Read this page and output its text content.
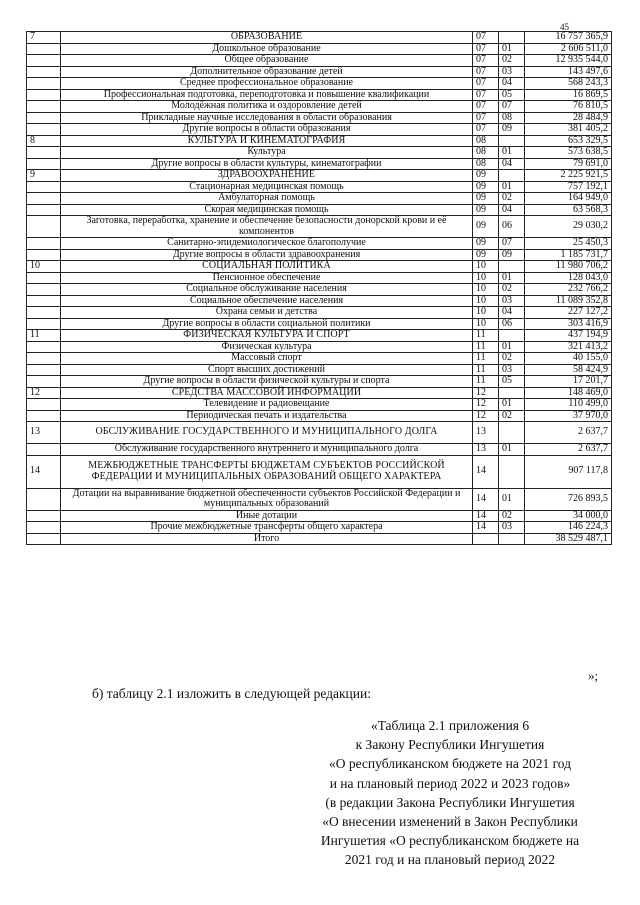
45
7	ОБРАЗОВАНИЕ	07		16 757 365,9
	Дошкольное образование	07	01	2 606 511,0
	Общее образование	07	02	12 935 544,0
	Дополнительное образование детей	07	03	143 497,6
	Среднее профессиональное образование	07	04	568 243,3
	Профессиональная подготовка, переподготовка и повышение квалификации	07	05	16 869,5
	Молодёжная политика и оздоровление детей	07	07	76 810,5
	Прикладные научные исследования в области образования	07	08	28 484,9
	Другие вопросы в области образования	07	09	381 405,2
8	КУЛЬТУРА И КИНЕМАТОГРАФИЯ	08		653 329,5
	Культура	08	01	573 638,5
	Другие вопросы в области культуры, кинематографии	08	04	79 691,0
9	ЗДРАВООХРАНЕНИЕ	09		2 225 921,5
	Стационарная медицинская помощь	09	01	757 192,1
	Амбулаторная помощь	09	02	164 949,0
	Скорая медицинская помощь	09	04	63 568,3
	Заготовка, переработка, хранение и обеспечение безопасности донорской крови и её компонентов	09	06	29 030,2
	Санитарно-эпидемиологическое благополучие	09	07	25 450,3
	Другие вопросы в области здравоохранения	09	09	1 185 731,7
10	СОЦИАЛЬНАЯ ПОЛИТИКА	10		11 980 706,2
	Пенсионное обеспечение	10	01	128 043,0
	Социальное обслуживание населения	10	02	232 766,2
	Социальное обеспечение населения	10	03	11 089 352,8
	Охрана семьи и детства	10	04	227 127,2
	Другие вопросы в области социальной политики	10	06	303 416,9
11	ФИЗИЧЕСКАЯ КУЛЬТУРА И СПОРТ	11		437 194,9
	Физическая культура	11	01	321 413,2
	Массовый спорт	11	02	40 155,0
	Спорт высших достижений	11	03	58 424,9
	Другие вопросы в области физической культуры и спорта	11	05	17 201,7
12	СРЕДСТВА МАССОВОЙ ИНФОРМАЦИИ	12		148 469,0
	Телевидение и радиовещание	12	01	110 499,0
	Периодическая печать и издательства	12	02	37 970,0
13	ОБСЛУЖИВАНИЕ ГОСУДАРСТВЕННОГО И МУНИЦИПАЛЬНОГО ДОЛГА	13		2 637,7
	Обслуживание государственного внутреннего и муниципального долга	13	01	2 637,7
14	МЕЖБЮДЖЕТНЫЕ ТРАНСФЕРТЫ БЮДЖЕТАМ СУБЪЕКТОВ РОССИЙСКОЙ ФЕДЕРАЦИИ И МУНИЦИПАЛЬНЫХ ОБРАЗОВАНИЙ ОБЩЕГО ХАРАКТЕРА	14		907 117,8
	Дотации на выравнивание бюджетной обеспеченности субъектов Российской Федерации и муниципальных образований	14	01	726 893,5
	Иные дотации	14	02	34 000,0
	Прочие межбюджетные трансферты общего характера	14	03	146 224,3
	Итого			38 529 487,1
»;
б) таблицу 2.1 изложить в следующей редакции:
«Таблица 2.1 приложения 6
к Закону Республики Ингушетия
«О республиканском бюджете на 2021 год
и на плановый период 2022 и 2023 годов»
(в редакции Закона Республики Ингушетия
«О внесении изменений в Закон Республики
Ингушетия «О республиканском бюджете на
2021 год и на плановый период 2022
